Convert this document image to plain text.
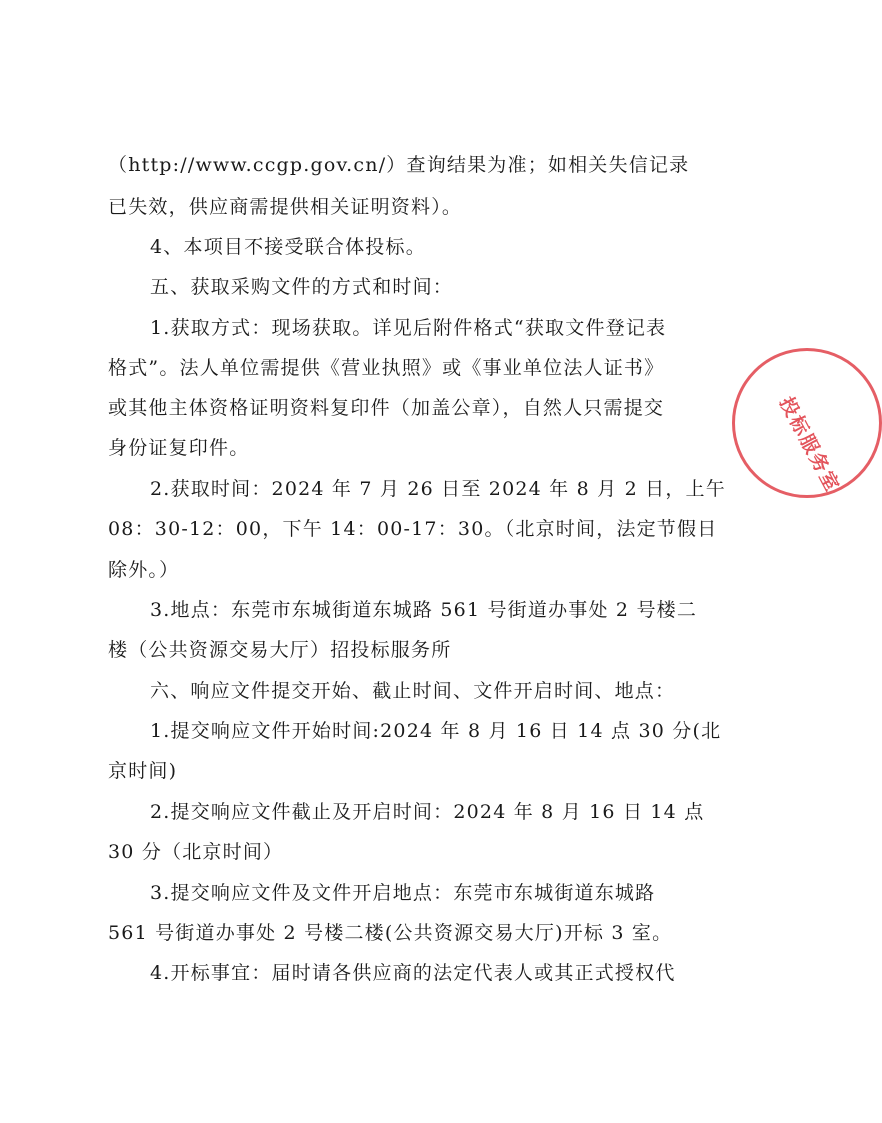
（http://www.ccgp.gov.cn/）查询结果为准；如相关失信记录
已失效，供应商需提供相关证明资料）。
4、本项目不接受联合体投标。
五、获取采购文件的方式和时间：
1.获取方式：现场获取。详见后附件格式“获取文件登记表
格式”。法人单位需提供《营业执照》或《事业单位法人证书》
或其他主体资格证明资料复印件（加盖公章），自然人只需提交
身份证复印件。
2.获取时间：2024 年 7 月 26 日至 2024 年 8 月 2 日，上午
08：30-12：00，下午 14：00-17：30。（北京时间，法定节假日
除外。）
3.地点：东莞市东城街道东城路 561 号街道办事处 2 号楼二
楼（公共资源交易大厅）招投标服务所
六、响应文件提交开始、截止时间、文件开启时间、地点：
1.提交响应文件开始时间:2024 年 8 月 16 日 14 点 30 分(北
京时间)
2.提交响应文件截止及开启时间：2024 年 8 月 16 日 14 点
30 分（北京时间）
3.提交响应文件及文件开启地点：东莞市东城街道东城路
561 号街道办事处 2 号楼二楼(公共资源交易大厅)开标 3 室。
4.开标事宜：届时请各供应商的法定代表人或其正式授权代
投标服务室
